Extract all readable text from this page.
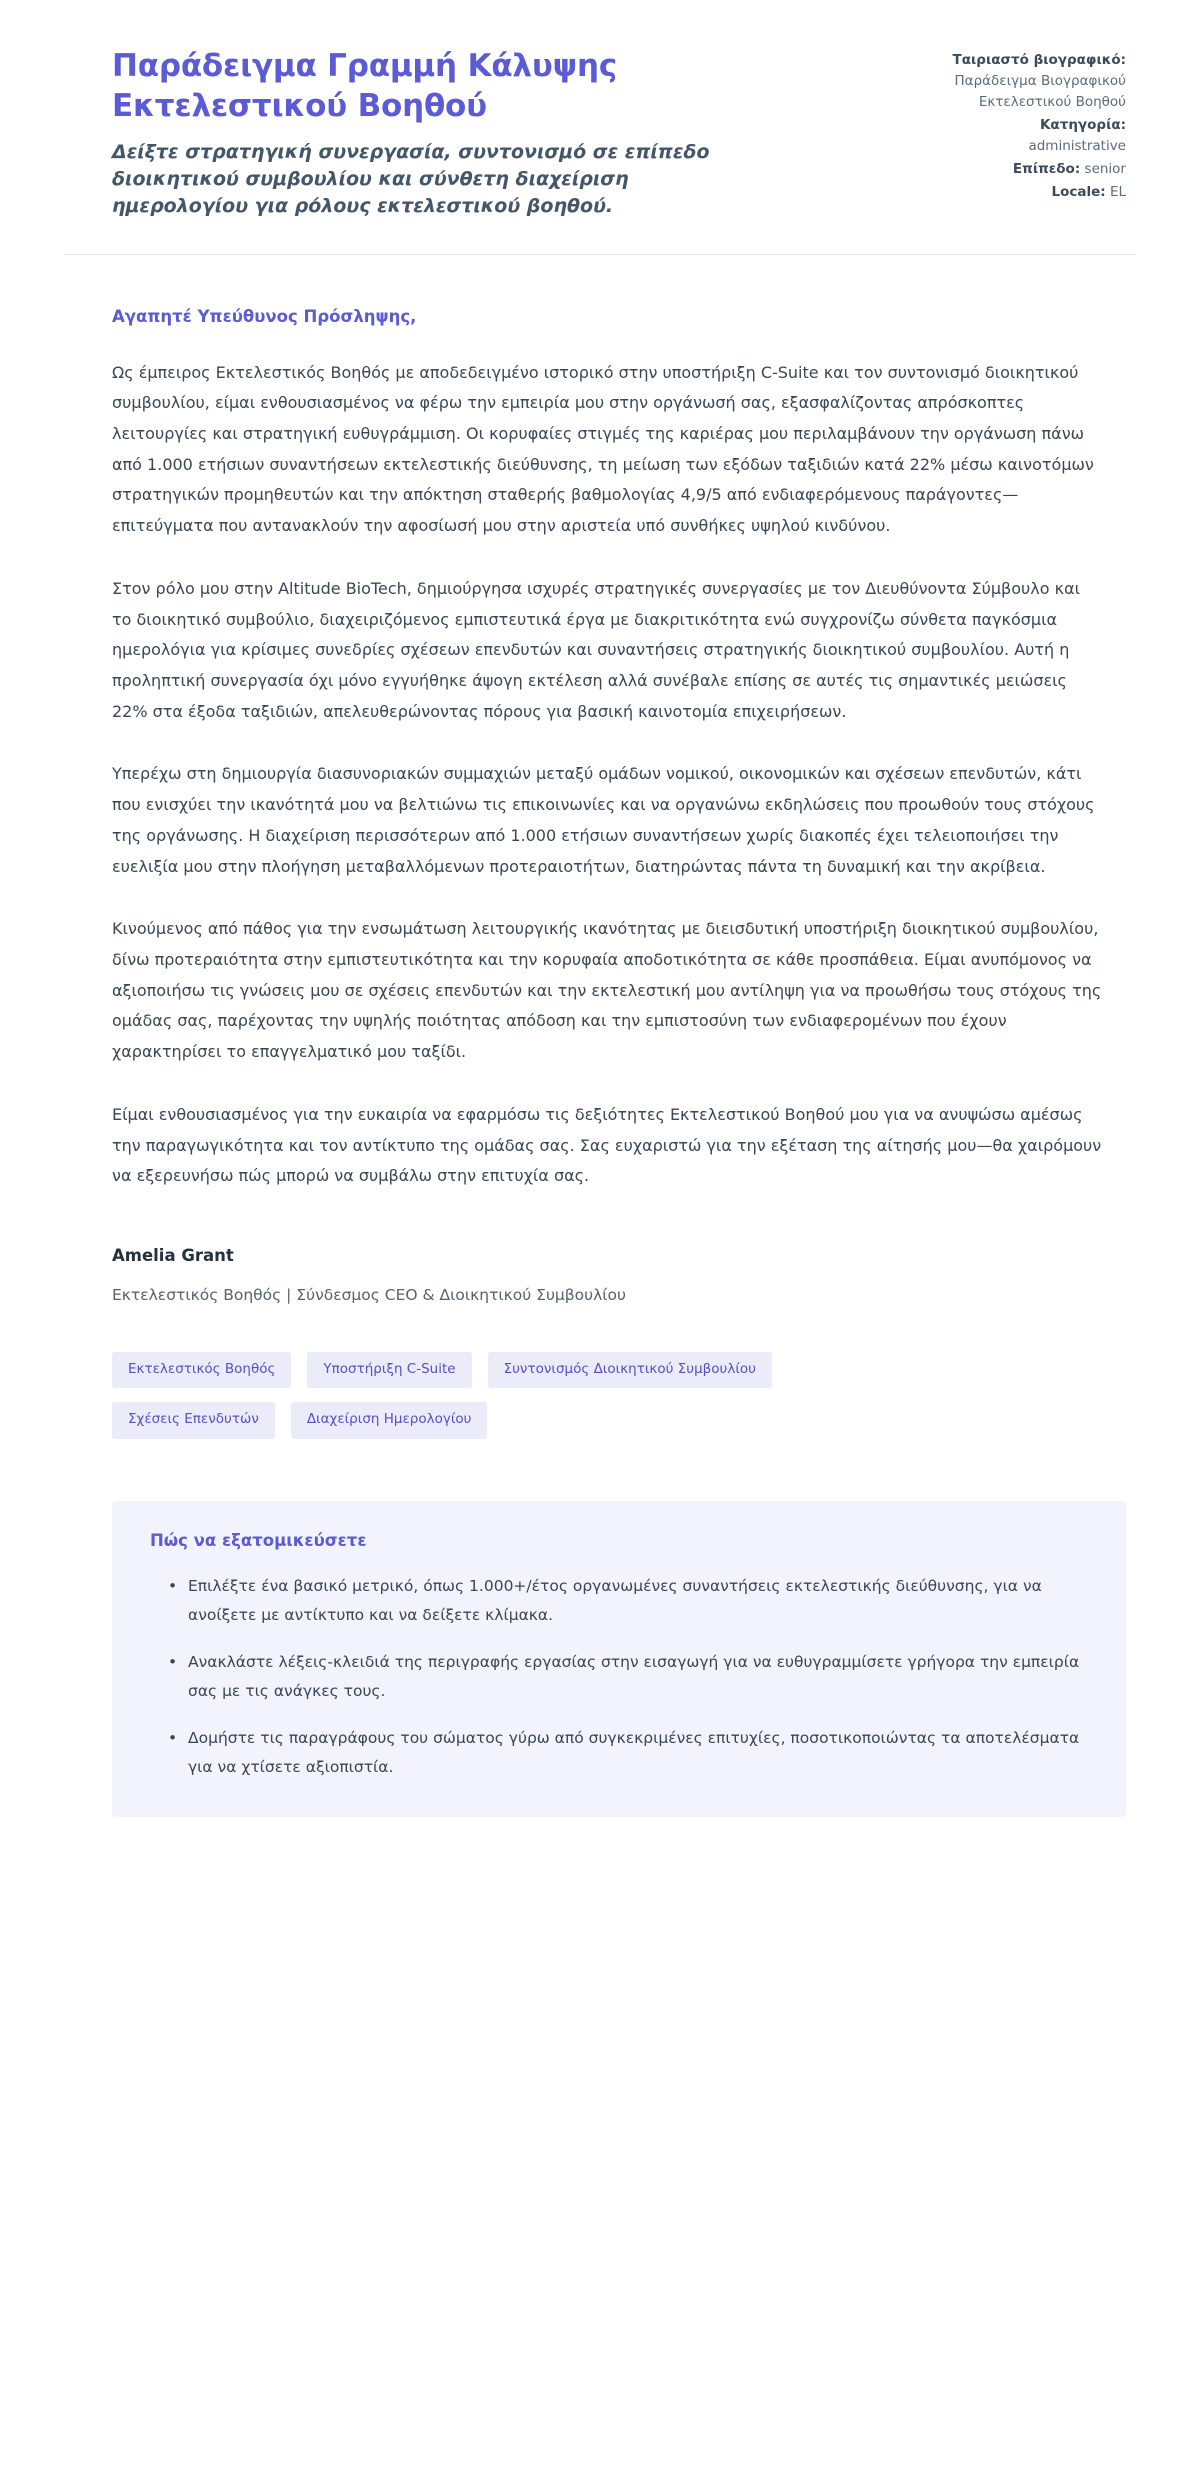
Παράδειγμα Γραμμή Κάλυψης Εκτελεστικού Βοηθού

Δείξτε στρατηγική συνεργασία, συντονισμό σε επίπεδο διοικητικού συμβουλίου και σύνθετη διαχείριση ημερολογίου για ρόλους εκτελεστικού βοηθού.

Ταιριαστό βιογραφικό:
Παράδειγμα Βιογραφικού Εκτελεστικού Βοηθού
Κατηγορία:
administrative
Επίπεδο: senior
Locale: EL

Αγαπητέ Υπεύθυνος Πρόσληψης,

Ως έμπειρος Εκτελεστικός Βοηθός με αποδεδειγμένο ιστορικό στην υποστήριξη C-Suite και τον συντονισμό διοικητικού συμβουλίου, είμαι ενθουσιασμένος να φέρω την εμπειρία μου στην οργάνωσή σας, εξασφαλίζοντας απρόσκοπτες λειτουργίες και στρατηγική ευθυγράμμιση. Οι κορυφαίες στιγμές της καριέρας μου περιλαμβάνουν την οργάνωση πάνω από 1.000 ετήσιων συναντήσεων εκτελεστικής διεύθυνσης, τη μείωση των εξόδων ταξιδιών κατά 22% μέσω καινοτόμων στρατηγικών προμηθευτών και την απόκτηση σταθερής βαθμολογίας 4,9/5 από ενδιαφερόμενους παράγοντες—επιτεύγματα που αντανακλούν την αφοσίωσή μου στην αριστεία υπό συνθήκες υψηλού κινδύνου.

Στον ρόλο μου στην Altitude BioTech, δημιούργησα ισχυρές στρατηγικές συνεργασίες με τον Διευθύνοντα Σύμβουλο και το διοικητικό συμβούλιο, διαχειριζόμενος εμπιστευτικά έργα με διακριτικότητα ενώ συγχρονίζω σύνθετα παγκόσμια ημερολόγια για κρίσιμες συνεδρίες σχέσεων επενδυτών και συναντήσεις στρατηγικής διοικητικού συμβουλίου. Αυτή η προληπτική συνεργασία όχι μόνο εγγυήθηκε άψογη εκτέλεση αλλά συνέβαλε επίσης σε αυτές τις σημαντικές μειώσεις 22% στα έξοδα ταξιδιών, απελευθερώνοντας πόρους για βασική καινοτομία επιχειρήσεων.

Υπερέχω στη δημιουργία διασυνοριακών συμμαχιών μεταξύ ομάδων νομικού, οικονομικών και σχέσεων επενδυτών, κάτι που ενισχύει την ικανότητά μου να βελτιώνω τις επικοινωνίες και να οργανώνω εκδηλώσεις που προωθούν τους στόχους της οργάνωσης. Η διαχείριση περισσότερων από 1.000 ετήσιων συναντήσεων χωρίς διακοπές έχει τελειοποιήσει την ευελιξία μου στην πλοήγηση μεταβαλλόμενων προτεραιοτήτων, διατηρώντας πάντα τη δυναμική και την ακρίβεια.

Κινούμενος από πάθος για την ενσωμάτωση λειτουργικής ικανότητας με διεισδυτική υποστήριξη διοικητικού συμβουλίου, δίνω προτεραιότητα στην εμπιστευτικότητα και την κορυφαία αποδοτικότητα σε κάθε προσπάθεια. Είμαι ανυπόμονος να αξιοποιήσω τις γνώσεις μου σε σχέσεις επενδυτών και την εκτελεστική μου αντίληψη για να προωθήσω τους στόχους της ομάδας σας, παρέχοντας την υψηλής ποιότητας απόδοση και την εμπιστοσύνη των ενδιαφερομένων που έχουν χαρακτηρίσει το επαγγελματικό μου ταξίδι.

Είμαι ενθουσιασμένος για την ευκαιρία να εφαρμόσω τις δεξιότητες Εκτελεστικού Βοηθού μου για να ανυψώσω αμέσως την παραγωγικότητα και τον αντίκτυπο της ομάδας σας. Σας ευχαριστώ για την εξέταση της αίτησής μου—θα χαιρόμουν να εξερευνήσω πώς μπορώ να συμβάλω στην επιτυχία σας.

Amelia Grant

Εκτελεστικός Βοηθός | Σύνδεσμος CEO & Διοικητικού Συμβουλίου

Εκτελεστικός Βοηθός	Υποστήριξη C-Suite	Συντονισμός Διοικητικού Συμβουλίου
Σχέσεις Επενδυτών	Διαχείριση Ημερολογίου
Πώς να εξατομικεύσετε
• Επιλέξτε ένα βασικό μετρικό, όπως 1.000+/έτος οργανωμένες συναντήσεις εκτελεστικής διεύθυνσης, για να ανοίξετε με αντίκτυπο και να δείξετε κλίμακα.
• Ανακλάστε λέξεις-κλειδιά της περιγραφής εργασίας στην εισαγωγή για να ευθυγραμμίσετε γρήγορα την εμπειρία σας με τις ανάγκες τους.
• Δομήστε τις παραγράφους του σώματος γύρω από συγκεκριμένες επιτυχίες, ποσοτικοποιώντας τα αποτελέσματα για να χτίσετε αξιοπιστία.
